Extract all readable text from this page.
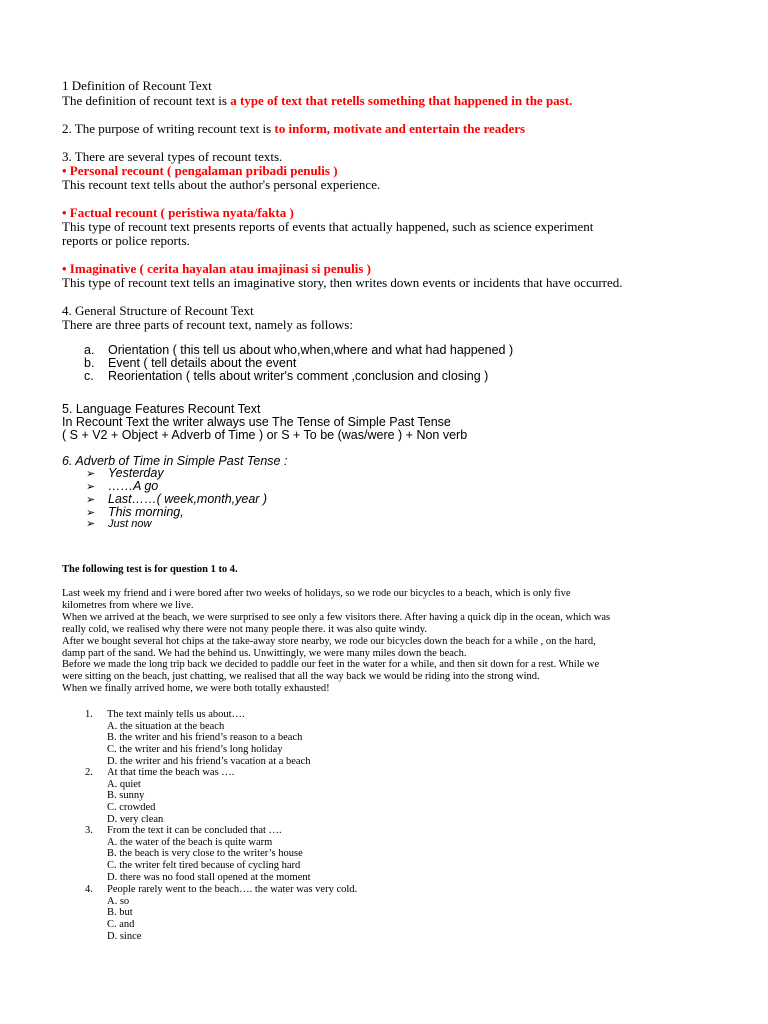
1 Definition of Recount Text
The definition of recount text is a type of text that retells something that happened in the past.
2. The purpose of writing recount text is to inform, motivate and entertain the readers
3. There are several types of recount texts.
• Personal recount ( pengalaman pribadi penulis )
This recount text tells about the author's personal experience.
• Factual recount ( peristiwa nyata/fakta )
This type of recount text presents reports of events that actually happened, such as science experiment
reports or police reports.
• Imaginative ( cerita hayalan atau imajinasi si penulis )
This type of recount text tells an imaginative story, then writes down events or incidents that have occurred.
4. General Structure of Recount Text
There are three parts of recount text, namely as follows:
a. Orientation ( this tell us about who,when,where and what had happened )
b. Event ( tell details about the event
c. Reorientation ( tells about writer's comment ,conclusion and closing )
5. Language Features Recount Text
In Recount Text the writer always use The Tense of Simple Past Tense
( S + V2 + Object + Adverb of Time ) or S + To be (was/were ) + Non verb
6. Adverb of Time in Simple Past Tense :
➢ Yesterday
➢ ……A go
➢ Last……( week,month,year )
➢ This morning,
➢ Just now
The following test is for question 1 to 4.
Last week my friend and i were bored after two weeks of holidays, so we rode our bicycles to a beach, which is only five
kilometres from where we live.
When we arrived at the beach, we were surprised to see only a few visitors there. After having a quick dip in the ocean, which was
really cold, we realised why there were not many people there. it was also quite windy.
After we bought several hot chips at the take-away store nearby, we rode our bicycles down the beach for a while , on the hard,
damp part of the sand. We had the behind us. Unwittingly, we were many miles down the beach.
Before we made the long trip back we decided to paddle our feet in the water for a while, and then sit down for a rest. While we
were sitting on the beach, just chatting, we realised that all the way back we would be riding into the strong wind.
When we finally arrived home, we were both totally exhausted!
1. The text mainly tells us about….
A. the situation at the beach
B. the writer and his friend’s reason to a beach
C. the writer and his friend’s long holiday
D. the writer and his friend’s vacation at a beach
2. At that time the beach was ….
A. quiet
B. sunny
C. crowded
D. very clean
3. From the text it can be concluded that ….
A. the water of the beach is quite warm
B. the beach is very close to the writer’s house
C. the writer felt tired because of cycling hard
D. there was no food stall opened at the moment
4. People rarely went to the beach…. the water was very cold.
A. so
B. but
C. and
D. since
